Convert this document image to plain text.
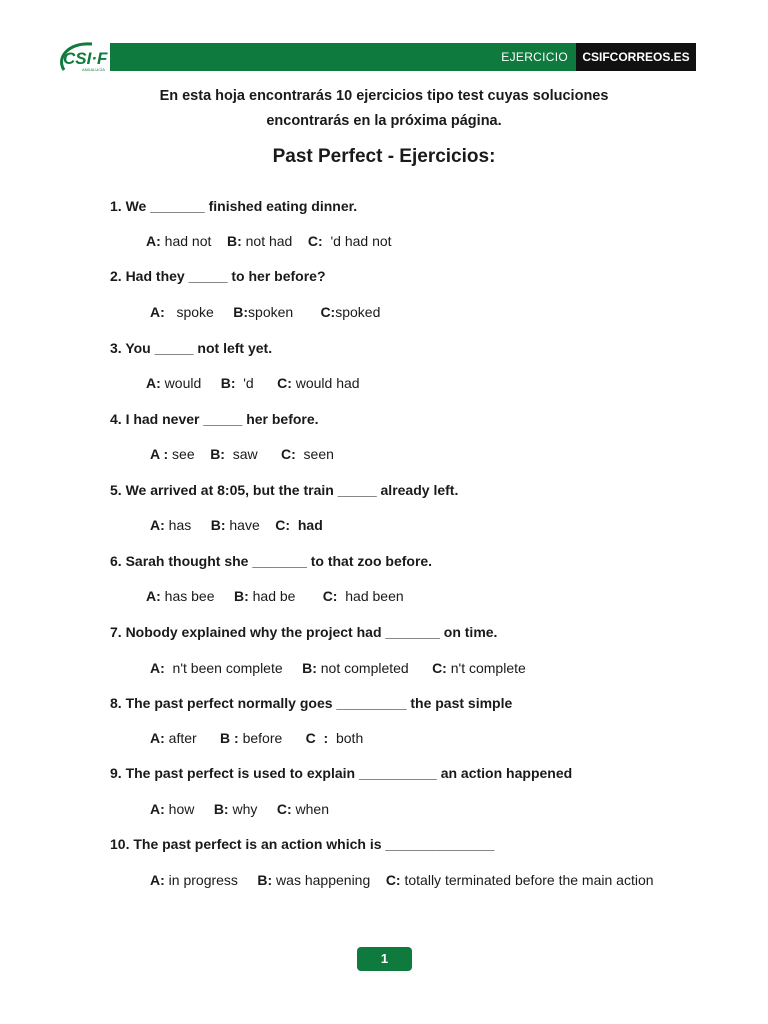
CSI·F
ANDALUCÍA
EJERCICIO	CSIFCORREOS.ES
En esta hoja encontrarás 10 ejercicios tipo test cuyas soluciones
encontrarás en la próxima página.
Past Perfect - Ejercicios:
1. We _______ finished eating dinner.
A: had not B: not had C:  'd had not
2. Had they _____ to her before?
A:   spoke B:spoken C:spoked
3. You _____ not left yet.
A: would B:  'd C: would had
4. I had never _____ her before.
A : see B:  saw C:  seen
5. We arrived at 8:05, but the train _____ already left.
A: has B: have C: had
6. Sarah thought she _______ to that zoo before.
A: has bee B: had be C:  had been
7. Nobody explained why the project had _______ on time.
A:  n't been complete B: not completed C: n't complete
8. The past perfect normally goes _________ the past simple
A: after B : before C  :  both
9. The past perfect is used to explain __________ an action happened
A: how B: why C: when
10. The past perfect is an action which is ______________
A: in progress B: was happening C: totally terminated before the main action
1
